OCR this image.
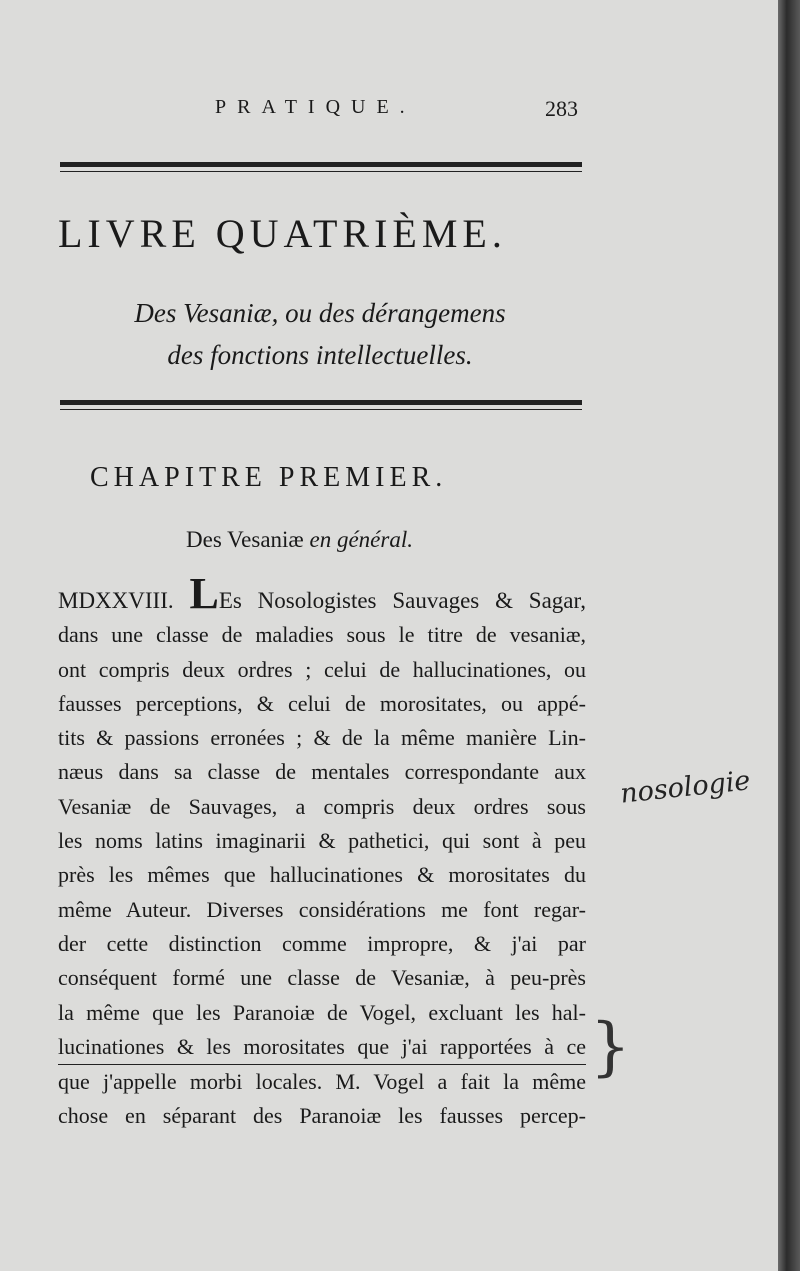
PRATIQUE.	283
LIVRE QUATRIÈME.
Des Vesaniæ, ou des dérangemens
des fonctions intellectuelles.
CHAPITRE PREMIER.
Des Vesaniæ en général.
MDXXVIII. LEs Nosologistes Sauvages & Sagar,
dans une classe de maladies sous le titre de vesaniæ,
ont compris deux ordres ; celui de hallucinationes, ou
fausses perceptions, & celui de morositates, ou appé-
tits & passions erronées ; & de la même manière Lin-
næus dans sa classe de mentales correspondante aux
Vesaniæ de Sauvages, a compris deux ordres sous
les noms latins imaginarii & pathetici, qui sont à peu
près les mêmes que hallucinationes & morositates du
même Auteur. Diverses considérations me font regar-
der cette distinction comme impropre, & j'ai par
conséquent formé une classe de Vesaniæ, à peu-près
la même que les Paranoiæ de Vogel, excluant les hal-
lucinationes & les morositates que j'ai rapportées à ce
que j'appelle morbi locales. M. Vogel a fait la même
chose en séparant des Paranoiæ les fausses percep-
nosologie
}
